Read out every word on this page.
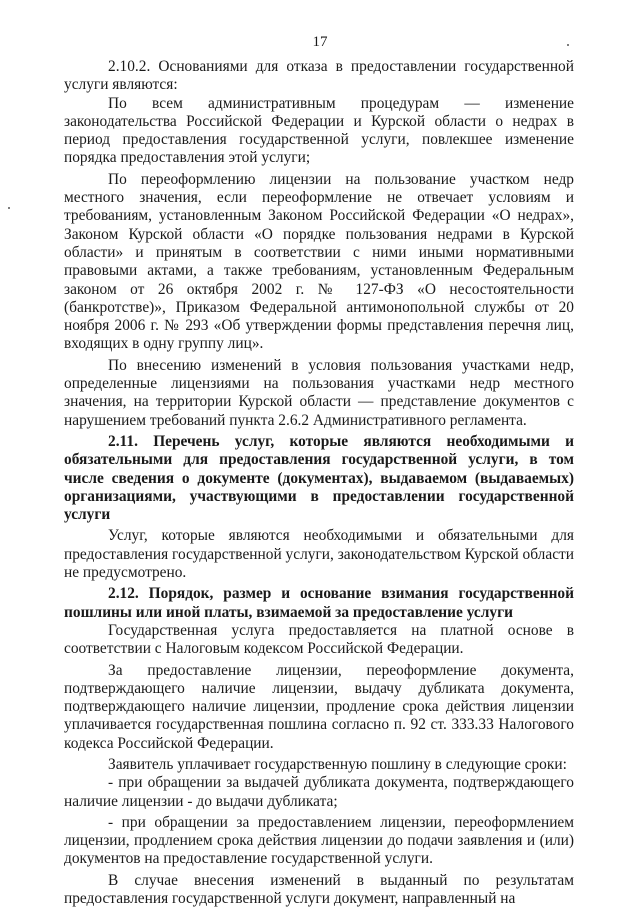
17

2.10.2. Основаниями для отказа в предоставлении государственной услуги являются:

По всем административным процедурам — изменение законодательства Российской Федерации и Курской области о недрах в период предоставления государственной услуги, повлекшее изменение порядка предоставления этой услуги;

По переоформлению лицензии на пользование участком недр местного значения, если переоформление не отвечает условиям и требованиям, установленным Законом Российской Федерации «О недрах», Законом Курской области «О порядке пользования недрами в Курской области» и принятым в соответствии с ними иными нормативными правовыми актами, а также требованиям, установленным Федеральным законом от 26 октября 2002 г. № 127-ФЗ «О несостоятельности (банкротстве)», Приказом Федеральной антимонопольной службы от 20 ноября 2006 г. № 293 «Об утверждении формы представления перечня лиц, входящих в одну группу лиц».

По внесению изменений в условия пользования участками недр, определенные лицензиями на пользования участками недр местного значения, на территории Курской области — представление документов с нарушением требований пункта 2.6.2 Административного регламента.

2.11. Перечень услуг, которые являются необходимыми и обязательными для предоставления государственной услуги, в том числе сведения о документе (документах), выдаваемом (выдаваемых) организациями, участвующими в предоставлении государственной услуги

Услуг, которые являются необходимыми и обязательными для предоставления государственной услуги, законодательством Курской области не предусмотрено.

2.12. Порядок, размер и основание взимания государственной пошлины или иной платы, взимаемой за предоставление услуги

Государственная услуга предоставляется на платной основе в соответствии с Налоговым кодексом Российской Федерации.

За предоставление лицензии, переоформление документа, подтверждающего наличие лицензии, выдачу дубликата документа, подтверждающего наличие лицензии, продление срока действия лицензии уплачивается государственная пошлина согласно п. 92 ст. 333.33 Налогового кодекса Российской Федерации.

Заявитель уплачивает государственную пошлину в следующие сроки:

- при обращении за выдачей дубликата документа, подтверждающего наличие лицензии - до выдачи дубликата;

- при обращении за предоставлением лицензии, переоформлением лицензии, продлением срока действия лицензии до подачи заявления и (или) документов на предоставление государственной услуги.

В случае внесения изменений в выданный по результатам предоставления государственной услуги документ, направленный на
